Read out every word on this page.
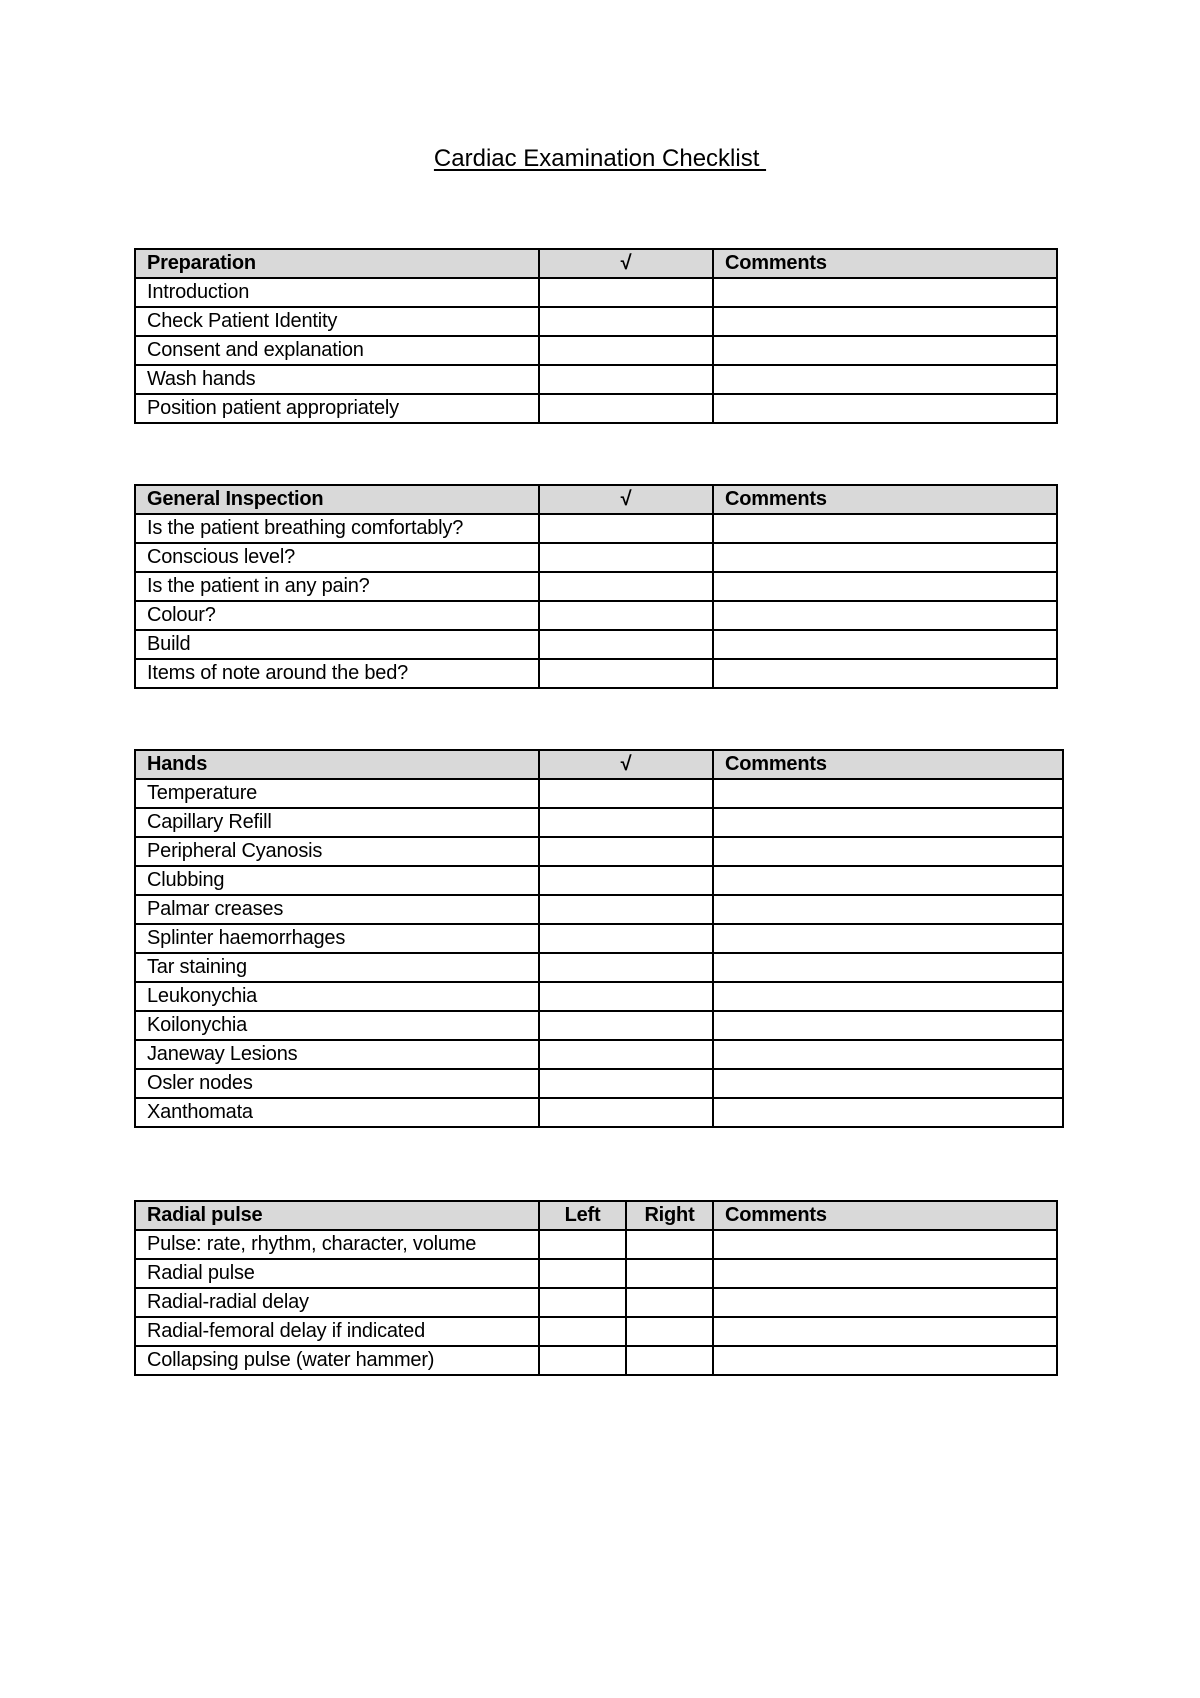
Cardiac Examination Checklist
Preparation	√	Comments
Introduction		
Check Patient Identity		
Consent and explanation		
Wash hands		
Position patient appropriately		
General Inspection	√	Comments
Is the patient breathing comfortably?		
Conscious level?		
Is the patient in any pain?		
Colour?		
Build		
Items of note around the bed?		
Hands	√	Comments
Temperature		
Capillary Refill		
Peripheral Cyanosis		
Clubbing		
Palmar creases		
Splinter haemorrhages		
Tar staining		
Leukonychia		
Koilonychia		
Janeway Lesions		
Osler nodes		
Xanthomata		
Radial pulse	Left	Right	Comments
Pulse: rate, rhythm, character, volume			
Radial pulse			
Radial-radial delay			
Radial-femoral delay if indicated			
Collapsing pulse (water hammer)			
